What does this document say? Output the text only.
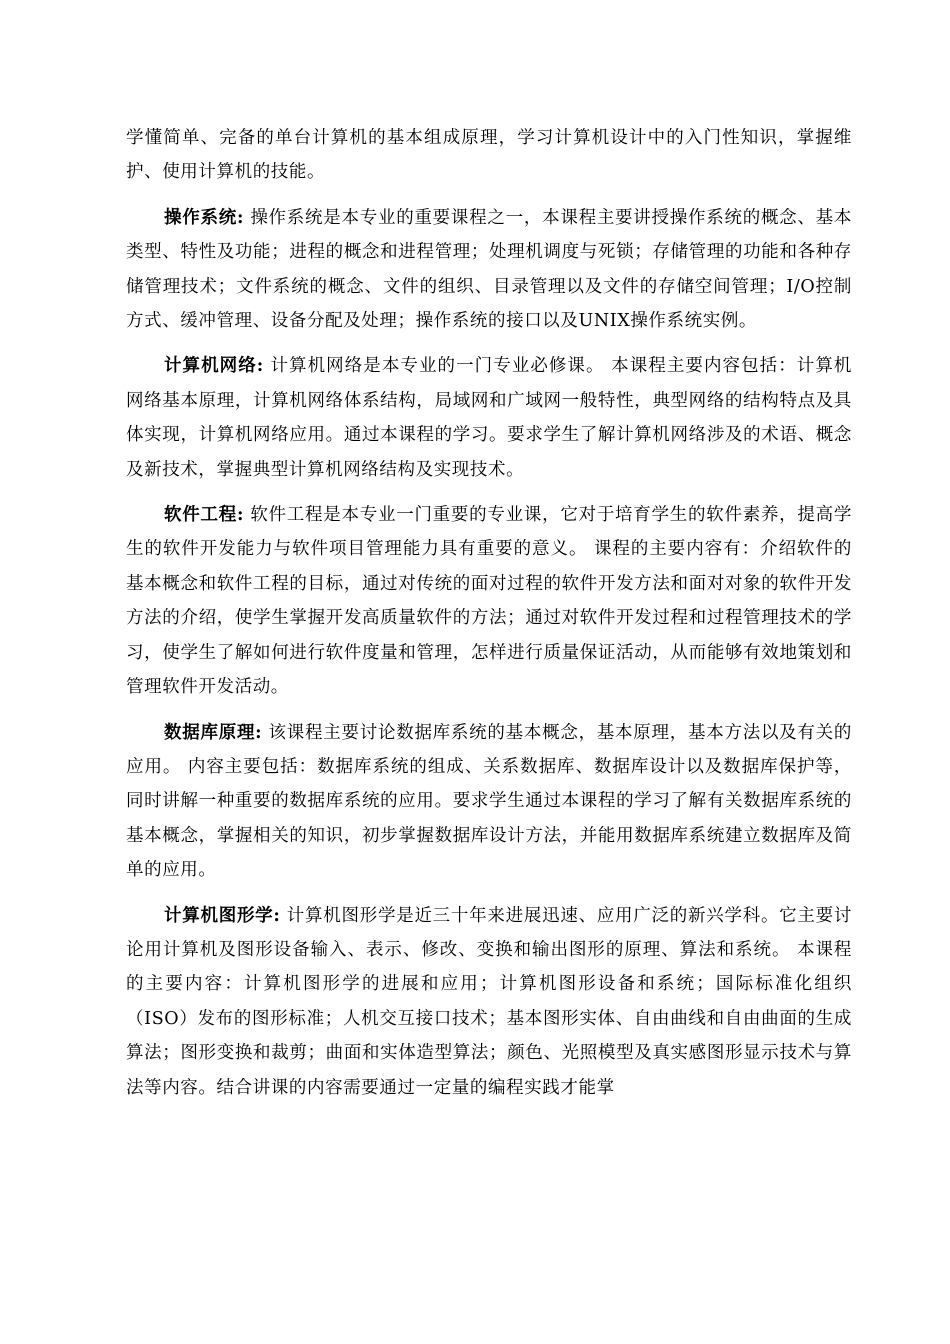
学懂简单、完备的单台计算机的基本组成原理，学习计算机设计中的入门性知识，掌握维护、使用计算机的技能。

操作系统: 操作系统是本专业的重要课程之一，本课程主要讲授操作系统的概念、基本类型、特性及功能；进程的概念和进程管理；处理机调度与死锁；存储管理的功能和各种存储管理技术；文件系统的概念、文件的组织、目录管理以及文件的存储空间管理；I/O控制方式、缓冲管理、设备分配及处理；操作系统的接口以及UNIX操作系统实例。

计算机网络: 计算机网络是本专业的一门专业必修课。 本课程主要内容包括：计算机网络基本原理，计算机网络体系结构，局域网和广域网一般特性，典型网络的结构特点及具体实现，计算机网络应用。通过本课程的学习。要求学生了解计算机网络涉及的术语、概念及新技术，掌握典型计算机网络结构及实现技术。

软件工程: 软件工程是本专业一门重要的专业课，它对于培育学生的软件素养，提高学生的软件开发能力与软件项目管理能力具有重要的意义。 课程的主要内容有：介绍软件的基本概念和软件工程的目标，通过对传统的面对过程的软件开发方法和面对对象的软件开发方法的介绍，使学生掌握开发高质量软件的方法；通过对软件开发过程和过程管理技术的学习，使学生了解如何进行软件度量和管理，怎样进行质量保证活动，从而能够有效地策划和管理软件开发活动。

数据库原理: 该课程主要讨论数据库系统的基本概念，基本原理，基本方法以及有关的应用。 内容主要包括：数据库系统的组成、关系数据库、数据库设计以及数据库保护等，同时讲解一种重要的数据库系统的应用。要求学生通过本课程的学习了解有关数据库系统的基本概念，掌握相关的知识，初步掌握数据库设计方法，并能用数据库系统建立数据库及简单的应用。

计算机图形学: 计算机图形学是近三十年来进展迅速、应用广泛的新兴学科。它主要讨论用计算机及图形设备输入、表示、修改、变换和输出图形的原理、算法和系统。 本课程的主要内容：计算机图形学的进展和应用；计算机图形设备和系统；国际标准化组织（ISO）发布的图形标准；人机交互接口技术；基本图形实体、自由曲线和自由曲面的生成算法；图形变换和裁剪；曲面和实体造型算法；颜色、光照模型及真实感图形显示技术与算法等内容。结合讲课的内容需要通过一定量的编程实践才能掌
